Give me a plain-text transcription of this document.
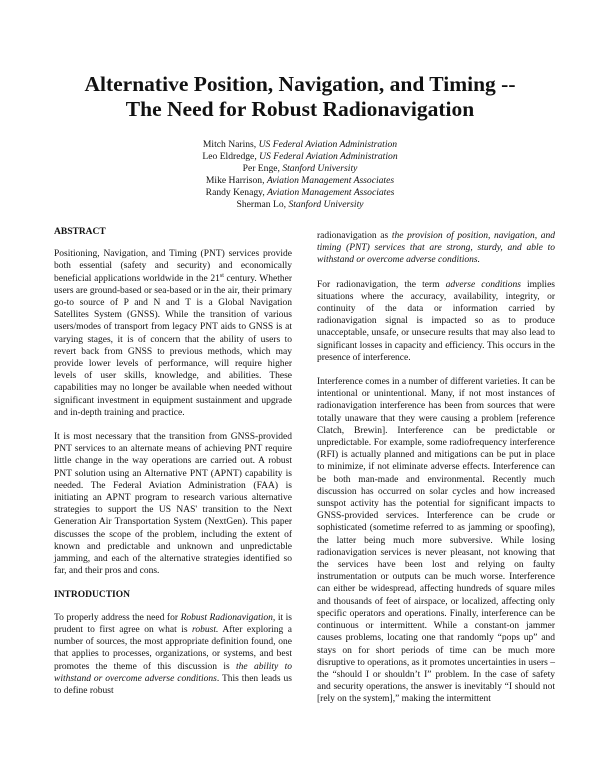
Alternative Position, Navigation, and Timing --
The Need for Robust Radionavigation
Mitch Narins, US Federal Aviation Administration
Leo Eldredge, US Federal Aviation Administration
Per Enge, Stanford University
Mike Harrison, Aviation Management Associates
Randy Kenagy, Aviation Management Associates
Sherman Lo, Stanford University
ABSTRACT

Positioning, Navigation, and Timing (PNT) services provide both essential (safety and security) and economically beneficial applications worldwide in the 21st century. Whether users are ground-based or sea-based or in the air, their primary go-to source of P and N and T is a Global Navigation Satellites System (GNSS). While the transition of various users/modes of transport from legacy PNT aids to GNSS is at varying stages, it is of concern that the ability of users to revert back from GNSS to previous methods, which may provide lower levels of performance, will require higher levels of user skills, knowledge, and abilities. These capabilities may no longer be available when needed without significant investment in equipment sustainment and upgrade and in-depth training and practice.

It is most necessary that the transition from GNSS-provided PNT services to an alternate means of achieving PNT require little change in the way operations are carried out. A robust PNT solution using an Alternative PNT (APNT) capability is needed. The Federal Aviation Administration (FAA) is initiating an APNT program to research various alternative strategies to support the US NAS' transition to the Next Generation Air Transportation System (NextGen). This paper discusses the scope of the problem, including the extent of known and predictable and unknown and unpredictable jamming, and each of the alternative strategies identified so far, and their pros and cons.

INTRODUCTION

To properly address the need for Robust Radionavigation, it is prudent to first agree on what is robust. After exploring a number of sources, the most appropriate definition found, one that applies to processes, organizations, or systems, and best promotes the theme of this discussion is the ability to withstand or overcome adverse conditions. This then leads us to define robust

radionavigation as the provision of position, navigation, and timing (PNT) services that are strong, sturdy, and able to withstand or overcome adverse conditions.

For radionavigation, the term adverse conditions implies situations where the accuracy, availability, integrity, or continuity of the data or information carried by radionavigation signal is impacted so as to produce unacceptable, unsafe, or unsecure results that may also lead to significant losses in capacity and efficiency. This occurs in the presence of interference.

Interference comes in a number of different varieties. It can be intentional or unintentional. Many, if not most instances of radionavigation interference has been from sources that were totally unaware that they were causing a problem [reference Clatch, Brewin]. Interference can be predictable or unpredictable. For example, some radiofrequency interference (RFI) is actually planned and mitigations can be put in place to minimize, if not eliminate adverse effects. Interference can be both man-made and environmental. Recently much discussion has occurred on solar cycles and how increased sunspot activity has the potential for significant impacts to GNSS-provided services. Interference can be crude or sophisticated (sometime referred to as jamming or spoofing), the latter being much more subversive. While losing radionavigation services is never pleasant, not knowing that the services have been lost and relying on faulty instrumentation or outputs can be much worse. Interference can either be widespread, affecting hundreds of square miles and thousands of feet of airspace, or localized, affecting only specific operators and operations. Finally, interference can be continuous or intermittent. While a constant-on jammer causes problems, locating one that randomly “pops up” and stays on for short periods of time can be much more disruptive to operations, as it promotes uncertainties in users – the “should I or shouldn’t I” problem. In the case of safety and security operations, the answer is inevitably “I should not [rely on the system],” making the intermittent
